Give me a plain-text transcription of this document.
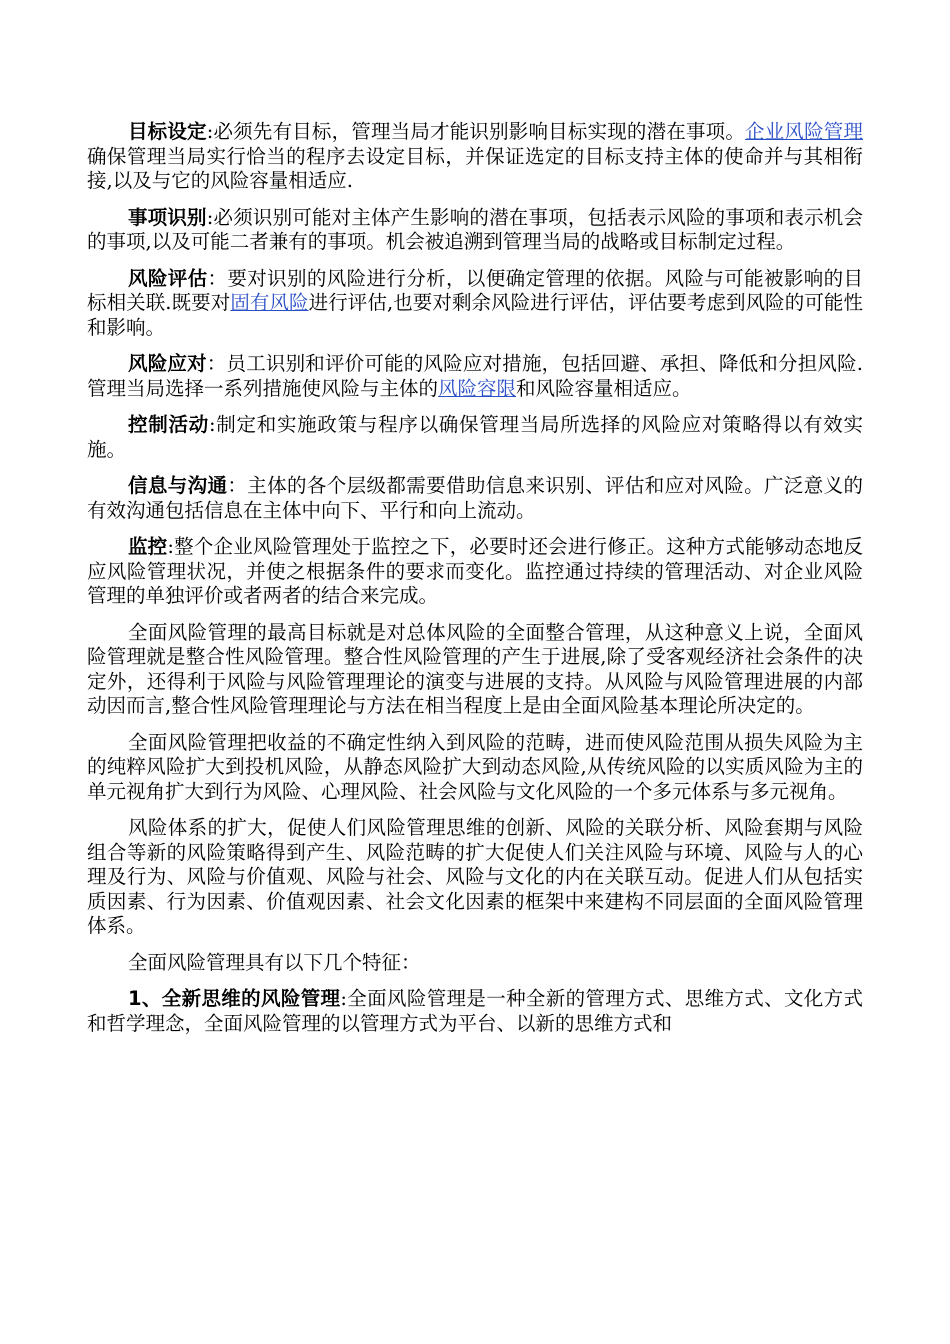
目标设定:必须先有目标，管理当局才能识别影响目标实现的潜在事项。企业风险管理确保管理当局实行恰当的程序去设定目标，并保证选定的目标支持主体的使命并与其相衔接,以及与它的风险容量相适应.

事项识别:必须识别可能对主体产生影响的潜在事项，包括表示风险的事项和表示机会的事项,以及可能二者兼有的事项。机会被追溯到管理当局的战略或目标制定过程。

风险评估：要对识别的风险进行分析，以便确定管理的依据。风险与可能被影响的目标相关联.既要对固有风险进行评估,也要对剩余风险进行评估，评估要考虑到风险的可能性和影响。

风险应对：员工识别和评价可能的风险应对措施，包括回避、承担、降低和分担风险.管理当局选择一系列措施使风险与主体的风险容限和风险容量相适应。

控制活动:制定和实施政策与程序以确保管理当局所选择的风险应对策略得以有效实施。

信息与沟通：主体的各个层级都需要借助信息来识别、评估和应对风险。广泛意义的有效沟通包括信息在主体中向下、平行和向上流动。

监控:整个企业风险管理处于监控之下，必要时还会进行修正。这种方式能够动态地反应风险管理状况，并使之根据条件的要求而变化。监控通过持续的管理活动、对企业风险管理的单独评价或者两者的结合来完成。

全面风险管理的最高目标就是对总体风险的全面整合管理，从这种意义上说，全面风险管理就是整合性风险管理。整合性风险管理的产生于进展,除了受客观经济社会条件的决定外，还得利于风险与风险管理理论的演变与进展的支持。从风险与风险管理进展的内部动因而言,整合性风险管理理论与方法在相当程度上是由全面风险基本理论所决定的。

全面风险管理把收益的不确定性纳入到风险的范畴，进而使风险范围从损失风险为主的纯粹风险扩大到投机风险，从静态风险扩大到动态风险,从传统风险的以实质风险为主的单元视角扩大到行为风险、心理风险、社会风险与文化风险的一个多元体系与多元视角。

风险体系的扩大，促使人们风险管理思维的创新、风险的关联分析、风险套期与风险组合等新的风险策略得到产生、风险范畴的扩大促使人们关注风险与环境、风险与人的心理及行为、风险与价值观、风险与社会、风险与文化的内在关联互动。促进人们从包括实质因素、行为因素、价值观因素、社会文化因素的框架中来建构不同层面的全面风险管理体系。

全面风险管理具有以下几个特征：

1、全新思维的风险管理:全面风险管理是一种全新的管理方式、思维方式、文化方式和哲学理念，全面风险管理的以管理方式为平台、以新的思维方式和
